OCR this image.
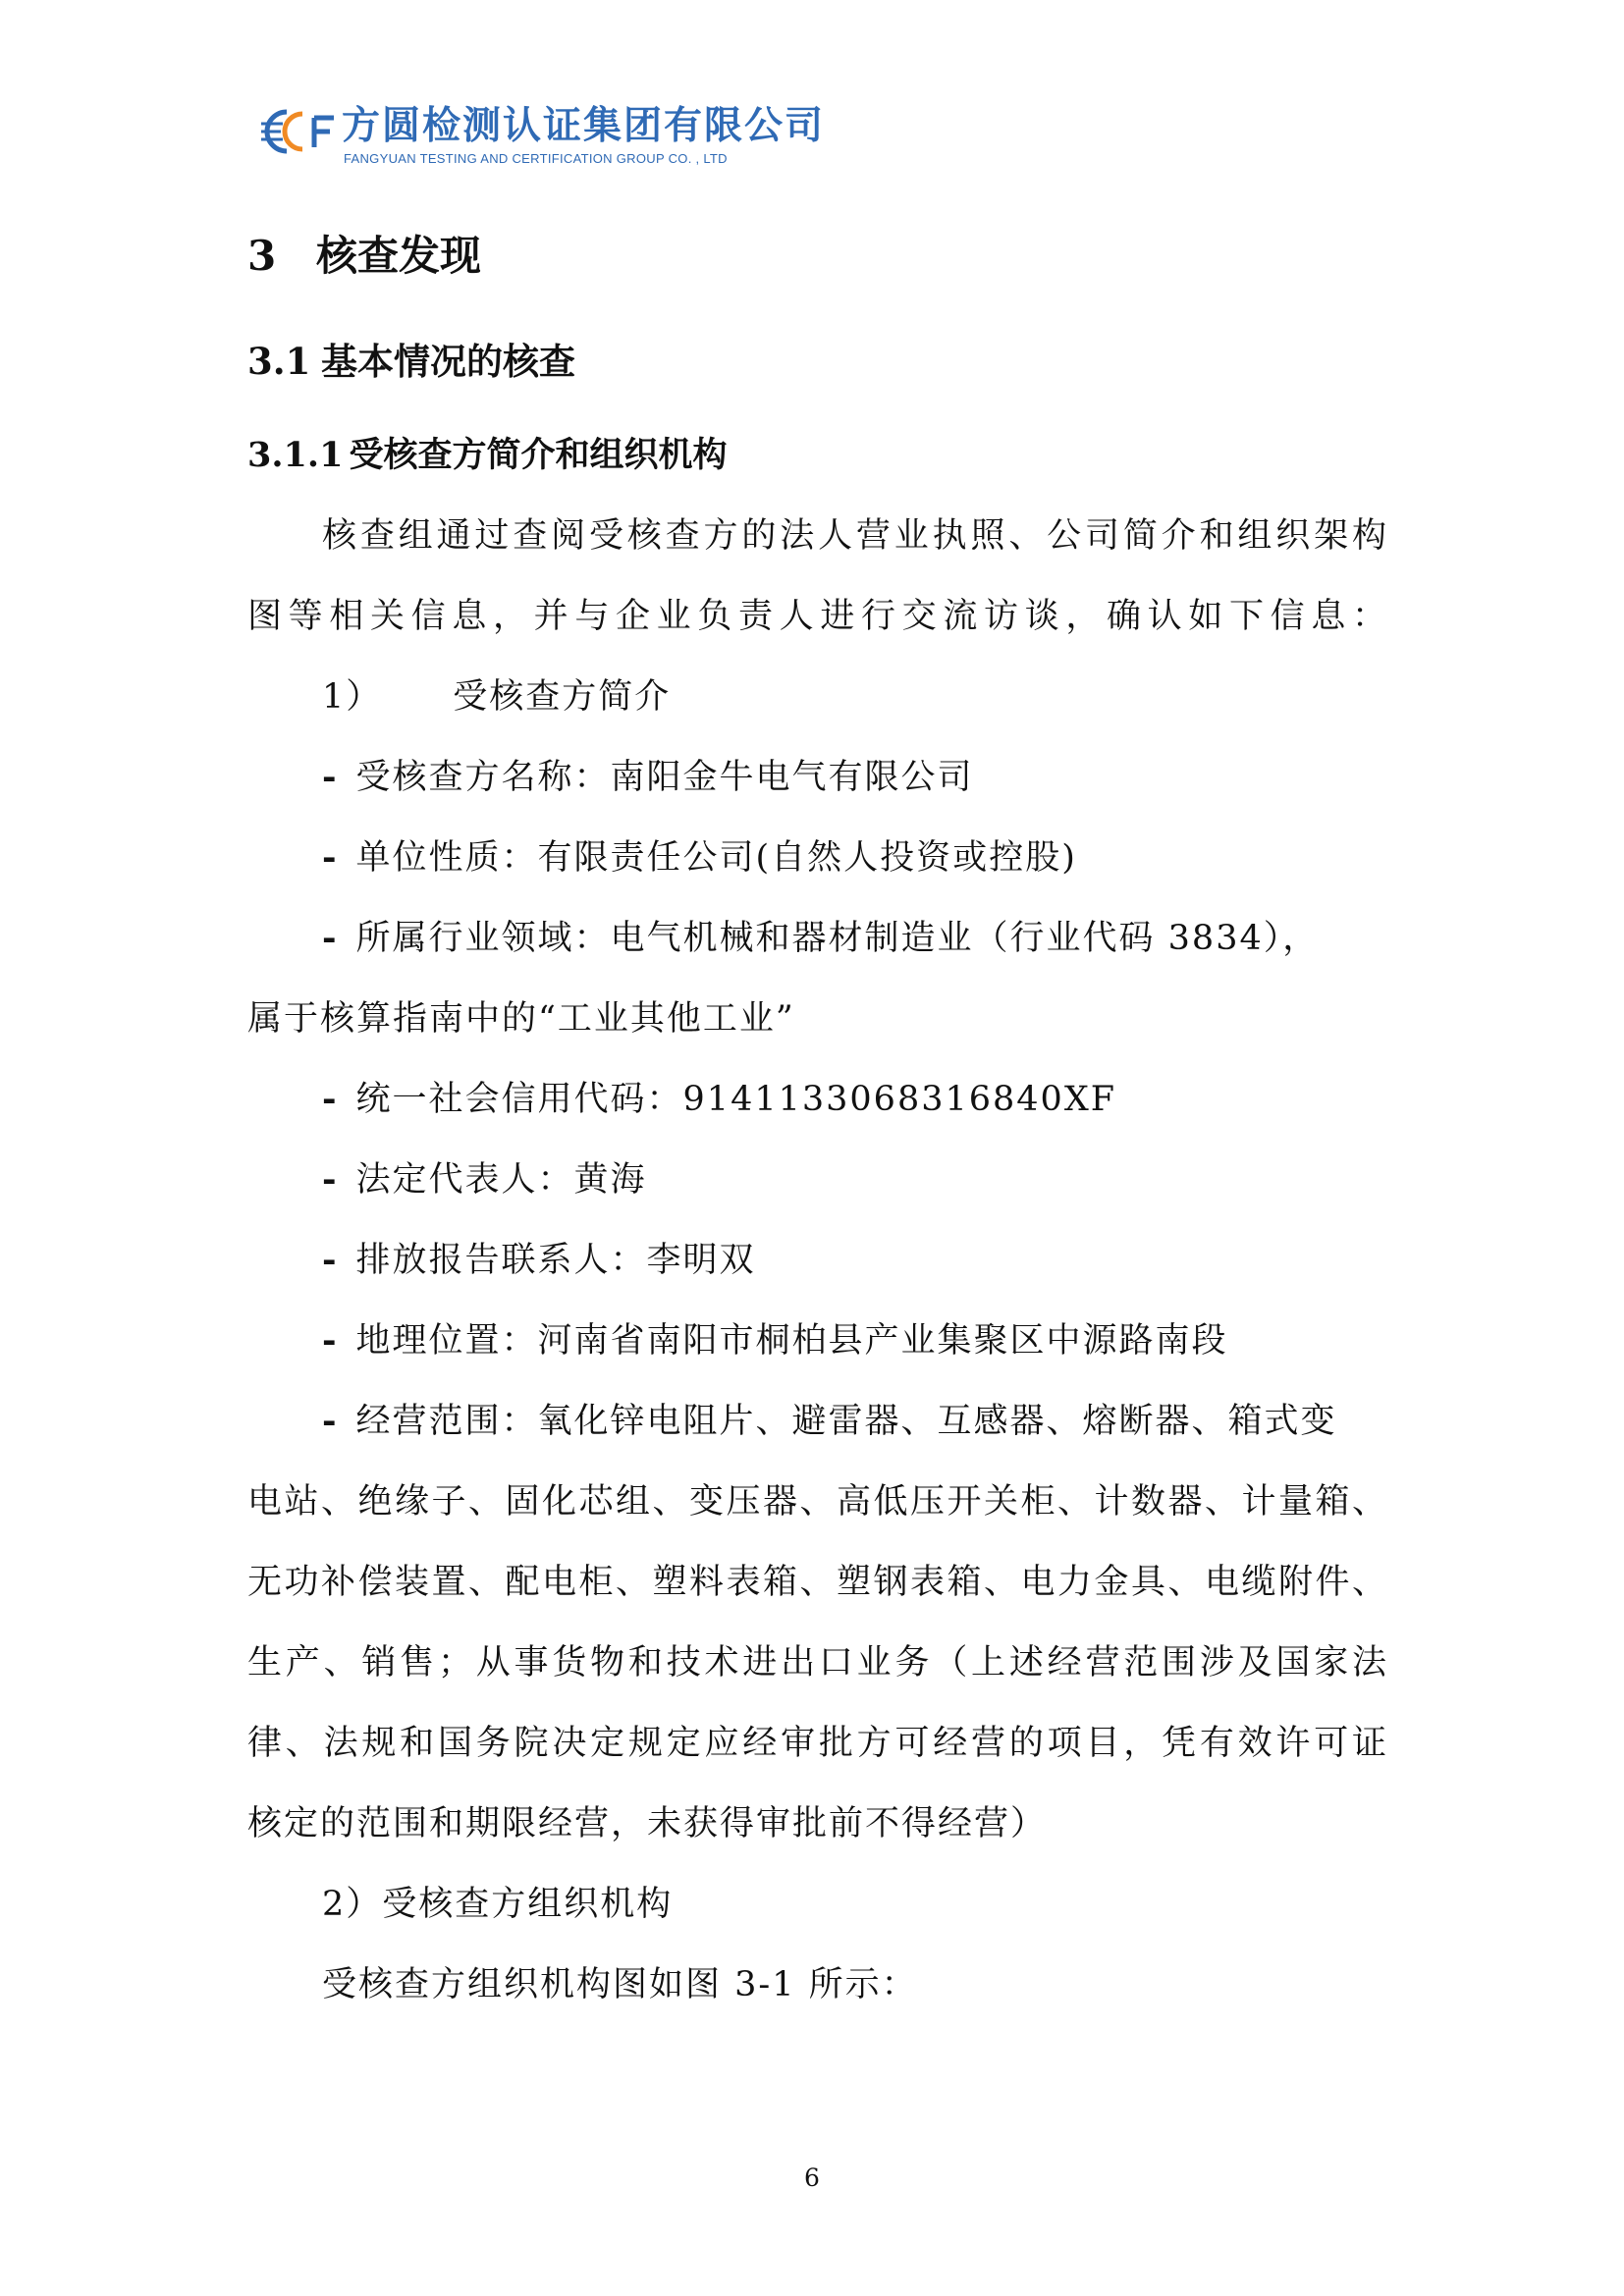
方圆检测认证集团有限公司
FANGYUAN TESTING AND CERTIFICATION GROUP CO. , LTD
3 核查发现
3.1 基本情况的核查
3.1.1 受核查方简介和组织机构
核查组通过查阅受核查方的法人营业执照、公司简介和组织架构
图等相关信息，并与企业负责人进行交流访谈，确认如下信息：
1） 受核查方简介
- 受核查方名称：南阳金牛电气有限公司
- 单位性质：有限责任公司(自然人投资或控股)
- 所属行业领域：电气机械和器材制造业（行业代码 3834），
属于核算指南中的“工业其他工业”
- 统一社会信用代码：9141133068316840XF
- 法定代表人：黄海
- 排放报告联系人：李明双
- 地理位置：河南省南阳市桐柏县产业集聚区中源路南段
- 经营范围：氧化锌电阻片、避雷器、互感器、熔断器、箱式变
电站、绝缘子、固化芯组、变压器、高低压开关柜、计数器、计量箱、
无功补偿装置、配电柜、塑料表箱、塑钢表箱、电力金具、电缆附件、
生产、销售；从事货物和技术进出口业务（上述经营范围涉及国家法
律、法规和国务院决定规定应经审批方可经营的项目，凭有效许可证
核定的范围和期限经营，未获得审批前不得经营）
2）受核查方组织机构
受核查方组织机构图如图 3-1 所示：
6
